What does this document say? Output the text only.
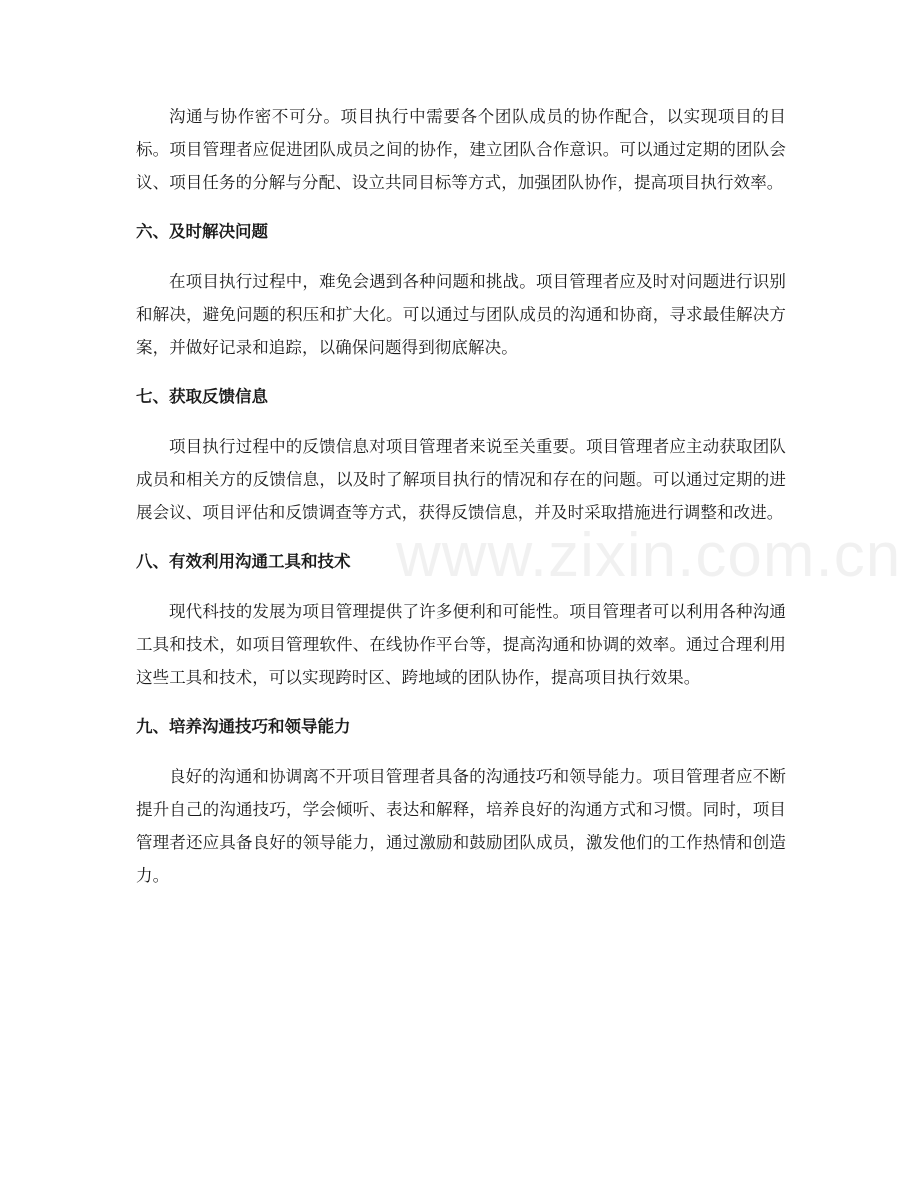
沟通与协作密不可分。项目执行中需要各个团队成员的协作配合，以实现项目的目标。项目管理者应促进团队成员之间的协作，建立团队合作意识。可以通过定期的团队会议、项目任务的分解与分配、设立共同目标等方式，加强团队协作，提高项目执行效率。

六、及时解决问题

在项目执行过程中，难免会遇到各种问题和挑战。项目管理者应及时对问题进行识别和解决，避免问题的积压和扩大化。可以通过与团队成员的沟通和协商，寻求最佳解决方案，并做好记录和追踪，以确保问题得到彻底解决。

七、获取反馈信息

项目执行过程中的反馈信息对项目管理者来说至关重要。项目管理者应主动获取团队成员和相关方的反馈信息，以及时了解项目执行的情况和存在的问题。可以通过定期的进展会议、项目评估和反馈调查等方式，获得反馈信息，并及时采取措施进行调整和改进。

八、有效利用沟通工具和技术

现代科技的发展为项目管理提供了许多便利和可能性。项目管理者可以利用各种沟通工具和技术，如项目管理软件、在线协作平台等，提高沟通和协调的效率。通过合理利用这些工具和技术，可以实现跨时区、跨地域的团队协作，提高项目执行效果。

九、培养沟通技巧和领导能力

良好的沟通和协调离不开项目管理者具备的沟通技巧和领导能力。项目管理者应不断提升自己的沟通技巧，学会倾听、表达和解释，培养良好的沟通方式和习惯。同时，项目管理者还应具备良好的领导能力，通过激励和鼓励团队成员，激发他们的工作热情和创造力。

www.zixin.com.cn
